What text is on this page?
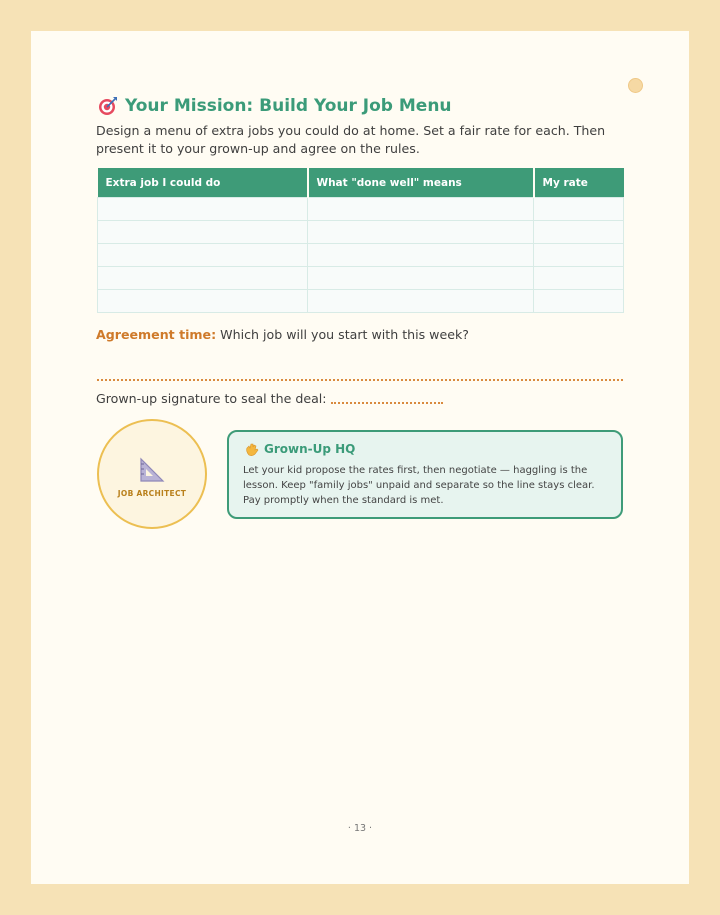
Your Mission: Build Your Job Menu
Design a menu of extra jobs you could do at home. Set a fair rate for each. Then present it to your grown-up and agree on the rules.
Extra job I could do	What "done well" means	My rate

Agreement time: Which job will you start with this week?
Grown-up signature to seal the deal:
JOB ARCHITECT
Grown-Up HQ
Let your kid propose the rates first, then negotiate — haggling is the lesson. Keep "family jobs" unpaid and separate so the line stays clear. Pay promptly when the standard is met.
· 13 ·
